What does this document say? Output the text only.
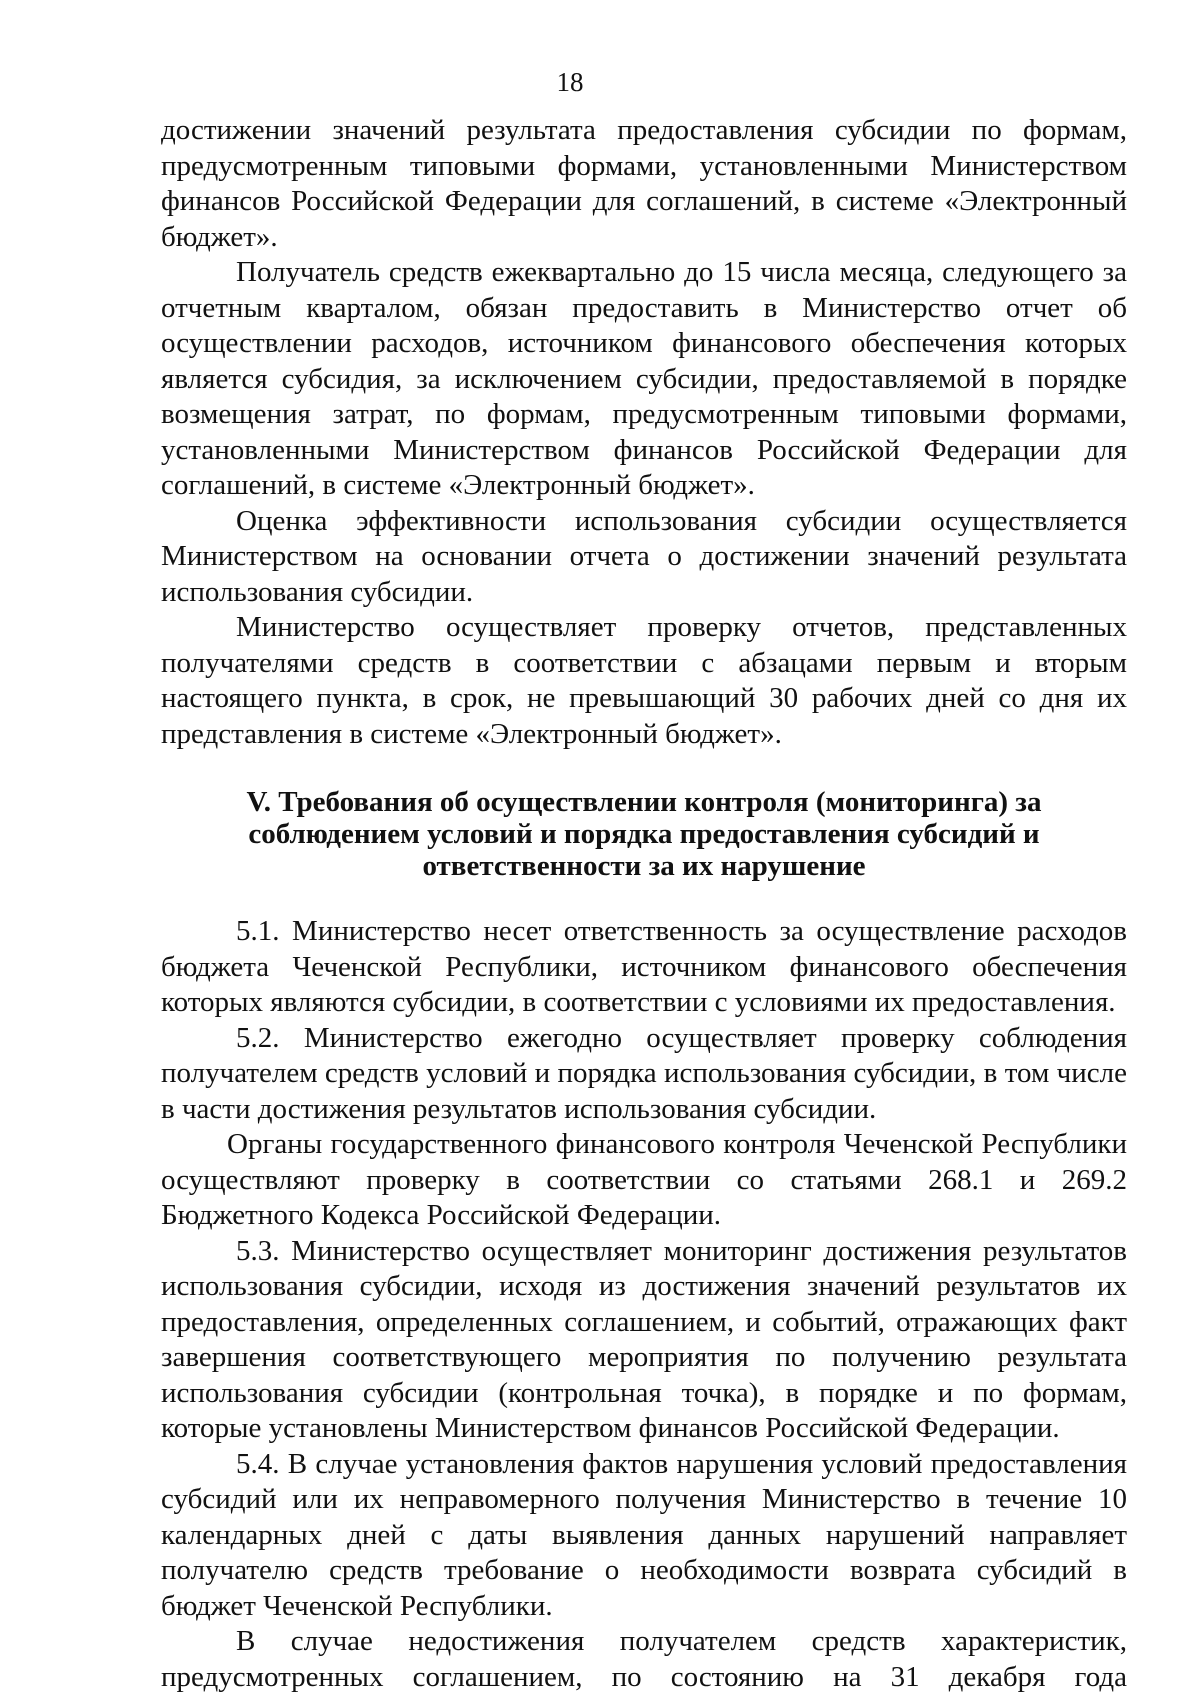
18

достижении значений результата предоставления субсидии по формам, предусмотренным типовыми формами, установленными Министерством финансов Российской Федерации для соглашений, в системе «Электронный бюджет».

Получатель средств ежеквартально до 15 числа месяца, следующего за отчетным кварталом, обязан предоставить в Министерство отчет об осуществлении расходов, источником финансового обеспечения которых является субсидия, за исключением субсидии, предоставляемой в порядке возмещения затрат, по формам, предусмотренным типовыми формами, установленными Министерством финансов Российской Федерации для соглашений, в системе «Электронный бюджет».

Оценка эффективности использования субсидии осуществляется Министерством на основании отчета о достижении значений результата использования субсидии.

Министерство осуществляет проверку отчетов, представленных получателями средств в соответствии с абзацами первым и вторым настоящего пункта, в срок, не превышающий 30 рабочих дней со дня их представления в системе «Электронный бюджет».

V. Требования об осуществлении контроля (мониторинга) за соблюдением условий и порядка предоставления субсидий и ответственности за их нарушение

5.1. Министерство несет ответственность за осуществление расходов бюджета Чеченской Республики, источником финансового обеспечения которых являются субсидии, в соответствии с условиями их предоставления.

5.2. Министерство ежегодно осуществляет проверку соблюдения получателем средств условий и порядка использования субсидии, в том числе в части достижения результатов использования субсидии.

Органы государственного финансового контроля Чеченской Республики осуществляют проверку в соответствии со статьями 268.1 и 269.2 Бюджетного Кодекса Российской Федерации.

5.3. Министерство осуществляет мониторинг достижения результатов использования субсидии, исходя из достижения значений результатов их предоставления, определенных соглашением, и событий, отражающих факт завершения соответствующего мероприятия по получению результата использования субсидии (контрольная точка), в порядке и по формам, которые установлены Министерством финансов Российской Федерации.

5.4. В случае установления фактов нарушения условий предоставления субсидий или их неправомерного получения Министерство в течение 10 календарных дней с даты выявления данных нарушений направляет получателю средств требование о необходимости возврата субсидий в бюджет Чеченской Республики.

В случае недостижения получателем средств характеристик, предусмотренных соглашением, по состоянию на 31 декабря года
